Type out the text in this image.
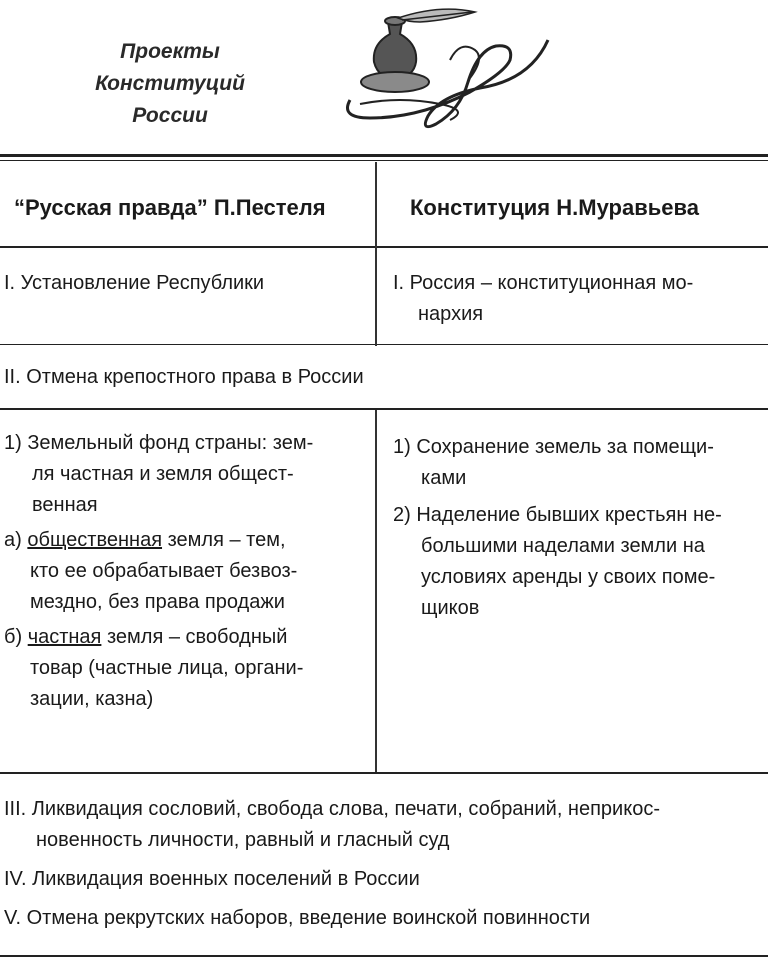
Проекты
Конституций
России
“Русская правда” П.Пестеля	Конституция Н.Муравьева
I. Установление Республики	I. Россия – конституционная мо-
нархия
II. Отмена крепостного права в России
1) Земельный фонд страны: зем-
ля частная и земля общест-
венная
а) общественная земля – тем,
кто ее обрабатывает безвоз-
мездно, без права продажи
б) частная земля – свободный
товар (частные лица, органи-
зации, казна)
1) Сохранение земель за помещи-
ками
2) Наделение бывших крестьян не-
большими наделами земли на
условиях аренды у своих поме-
щиков
III. Ликвидация сословий, свобода слова, печати, собраний, неприкос-
новенность личности, равный и гласный суд
IV. Ликвидация военных поселений в России
V. Отмена рекрутских наборов, введение воинской повинности
